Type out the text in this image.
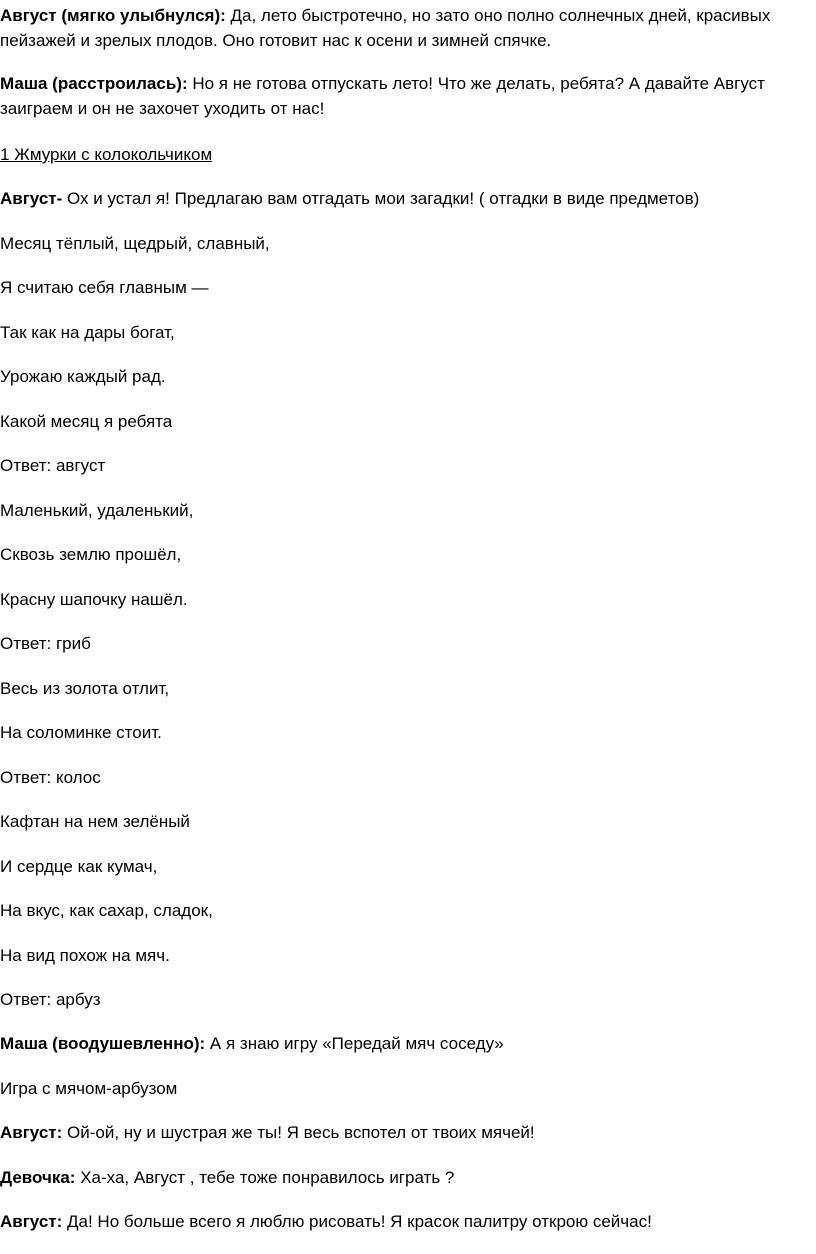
Август (мягко улыбнулся): Да, лето быстротечно, но зато оно полно солнечных дней, красивых
пейзажей и зрелых плодов. Оно готовит нас к осени и зимней спячке.
Маша (расстроилась): Но я не готова отпускать лето! Что же делать, ребята? А давайте Август
заиграем и он не захочет уходить от нас!
1 Жмурки с колокольчиком
Август- Ох и устал я! Предлагаю вам отгадать мои загадки! ( отгадки в виде предметов)
Месяц тёплый, щедрый, славный,
Я считаю себя главным —
Так как на дары богат,
Урожаю каждый рад.
Какой месяц я ребята
Ответ: август
Маленький, удаленький,
Сквозь землю прошёл,
Красну шапочку нашёл.
Ответ: гриб
Весь из золота отлит,
На соломинке стоит.
Ответ: колос
Кафтан на нем зелёный
И сердце как кумач,
На вкус, как сахар, сладок,
На вид похож на мяч.
Ответ: арбуз
Маша (воодушевленно): А я знаю игру «Передай мяч соседу»
Игра с мячом-арбузом
Август: Ой-ой, ну и шустрая же ты! Я весь вспотел от твоих мячей!
Девочка: Ха-ха, Август , тебе тоже понравилось играть ?
Август: Да! Но больше всего я люблю рисовать! Я красок палитру открою сейчас!
